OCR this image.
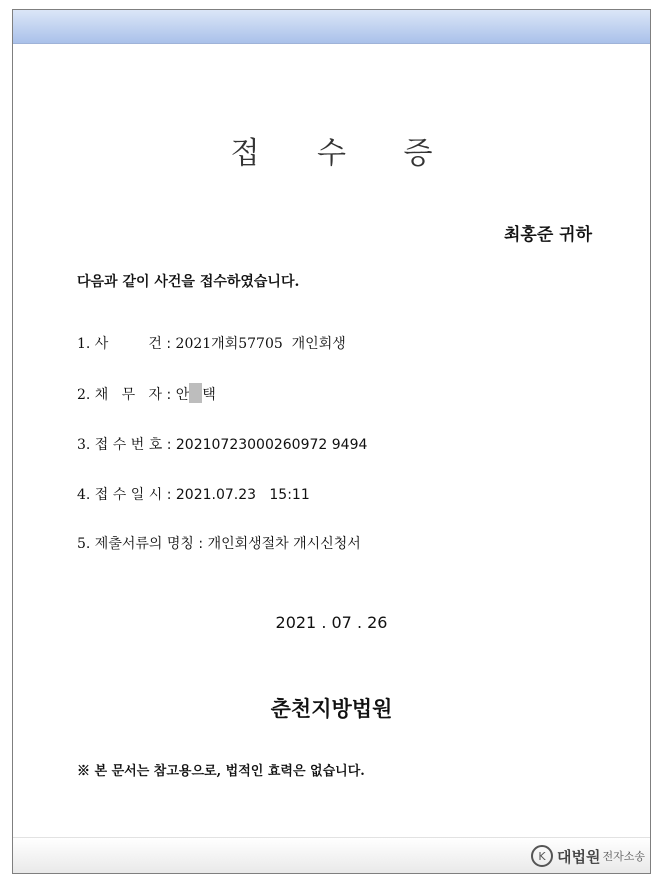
접 수 증
최홍준 귀하
다음과 같이 사건을 접수하였습니다.
1. 사         건 : 2021개회57705  개인회생
2. 채   무   자 : 안 택
3. 접 수 번 호 : 20210723000260972 9494
4. 접 수 일 시 : 2021.07.23   15:11
5. 제출서류의 명칭 : 개인회생절차 개시신청서
2021 . 07 . 26
춘천지방법원
※ 본 문서는 참고용으로, 법적인 효력은 없습니다.
K 대법원 전자소송
